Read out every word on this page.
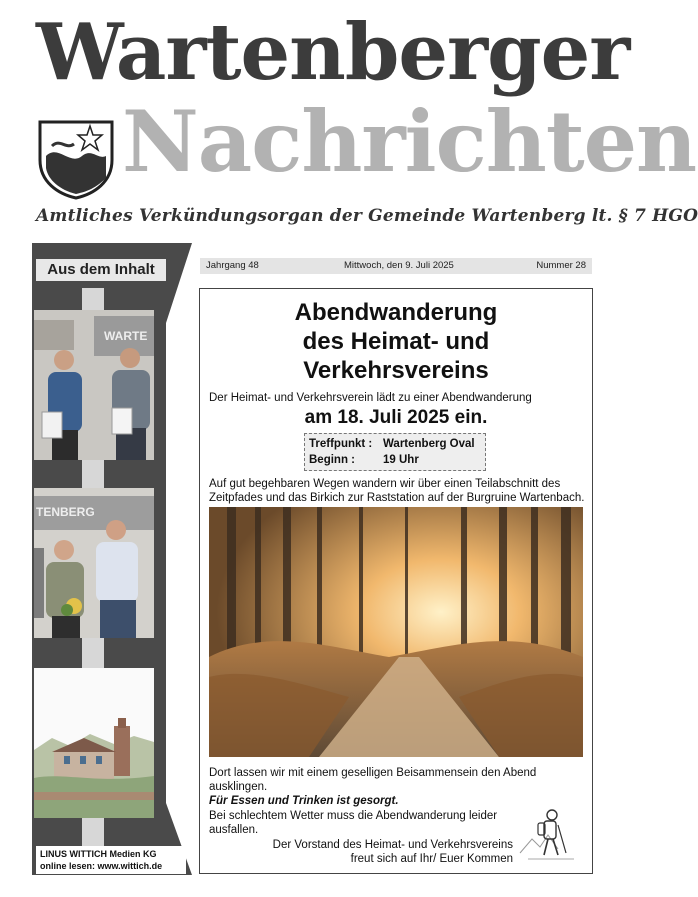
Wartenberger
Nachrichten
Amtliches Verkündungsorgan der Gemeinde Wartenberg lt. § 7 HGO
Aus dem Inhalt
WARTE
TENBERG
LINUS WITTICH Medien KG
online lesen: www.wittich.de
Jahrgang 48	Mittwoch, den 9. Juli 2025	Nummer 28
Abendwanderung
des Heimat- und
Verkehrsvereins
Der Heimat- und Verkehrsverein lädt zu einer Abendwanderung
am 18. Juli 2025 ein.
Treffpunkt : Wartenberg Oval
Beginn : 19 Uhr
Auf gut begehbaren Wegen wandern wir über einen Teilabschnitt des Zeitpfades und das Birkich zur Raststation auf der Burgruine Wartenbach.
Dort lassen wir mit einem geselligen Beisammensein den Abend ausklingen.
Für Essen und Trinken ist gesorgt.
Bei schlechtem Wetter muss die Abendwanderung leider ausfallen.
Der Vorstand des Heimat- und Verkehrsvereins
freut sich auf Ihr/ Euer Kommen
